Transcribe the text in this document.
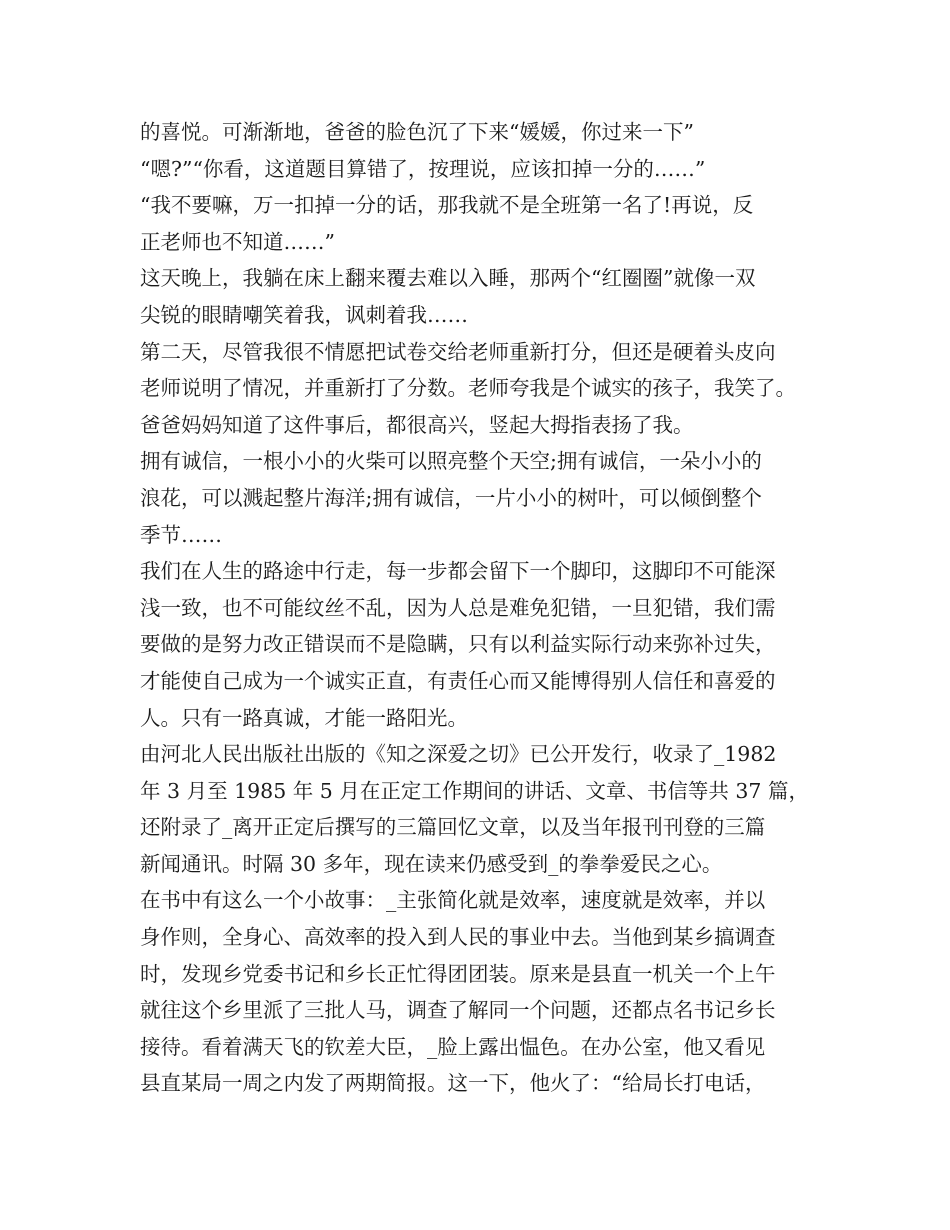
的喜悦。可渐渐地，爸爸的脸色沉了下来“媛媛，你过来一下”
“嗯?”“你看，这道题目算错了，按理说，应该扣掉一分的……”
“我不要嘛，万一扣掉一分的话，那我就不是全班第一名了!再说，反
正老师也不知道……”
这天晚上，我躺在床上翻来覆去难以入睡，那两个“红圈圈”就像一双
尖锐的眼睛嘲笑着我，讽刺着我……
第二天，尽管我很不情愿把试卷交给老师重新打分，但还是硬着头皮向
老师说明了情况，并重新打了分数。老师夸我是个诚实的孩子，我笑了。
爸爸妈妈知道了这件事后，都很高兴，竖起大拇指表扬了我。
拥有诚信，一根小小的火柴可以照亮整个天空;拥有诚信，一朵小小的
浪花，可以溅起整片海洋;拥有诚信，一片小小的树叶，可以倾倒整个
季节……
我们在人生的路途中行走，每一步都会留下一个脚印，这脚印不可能深
浅一致，也不可能纹丝不乱，因为人总是难免犯错，一旦犯错，我们需
要做的是努力改正错误而不是隐瞒，只有以利益实际行动来弥补过失，
才能使自己成为一个诚实正直，有责任心而又能博得别人信任和喜爱的
人。只有一路真诚，才能一路阳光。
由河北人民出版社出版的《知之深爱之切》已公开发行，收录了_1982
年 3 月至 1985 年 5 月在正定工作期间的讲话、文章、书信等共 37 篇，
还附录了_离开正定后撰写的三篇回忆文章，以及当年报刊刊登的三篇
新闻通讯。时隔 30 多年，现在读来仍感受到_的拳拳爱民之心。
在书中有这么一个小故事：_主张简化就是效率，速度就是效率，并以
身作则，全身心、高效率的投入到人民的事业中去。当他到某乡搞调查
时，发现乡党委书记和乡长正忙得团团装。原来是县直一机关一个上午
就往这个乡里派了三批人马，调查了解同一个问题，还都点名书记乡长
接待。看着满天飞的钦差大臣，_脸上露出愠色。在办公室，他又看见
县直某局一周之内发了两期简报。这一下，他火了：“给局长打电话，
